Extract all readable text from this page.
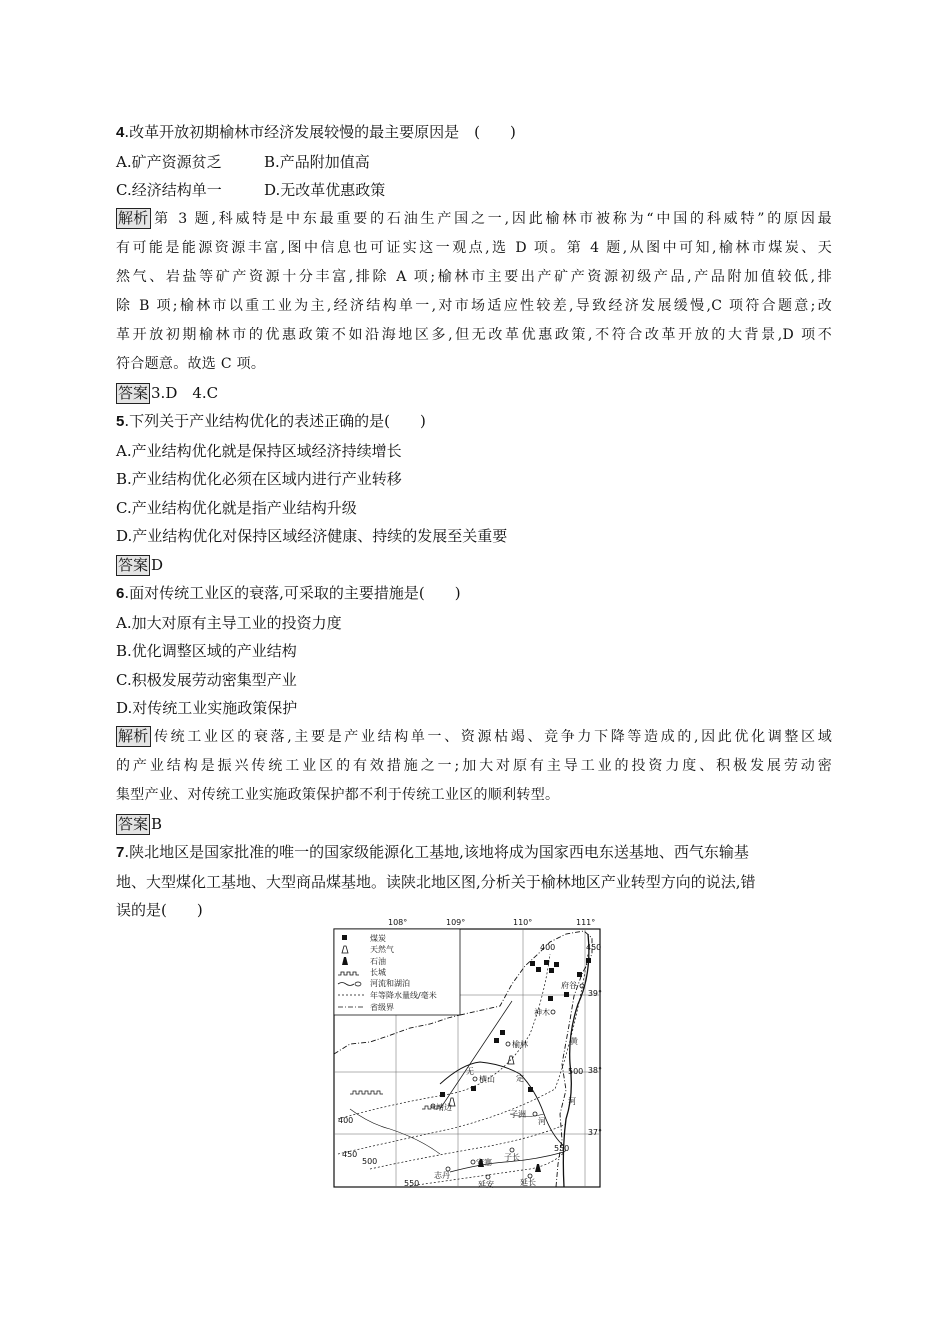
4.改革开放初期榆林市经济发展较慢的最主要原因是　(　　)
A.矿产资源贫乏	B.产品附加值高
C.经济结构单一	D.无改革优惠政策
解析 第 3 题,科威特是中东最重要的石油生产国之一,因此榆林市被称为“中国的科威特”的原因最
有可能是能源资源丰富,图中信息也可证实这一观点,选 D 项。第 4 题,从图中可知,榆林市煤炭、天
然气、岩盐等矿产资源十分丰富,排除 A 项;榆林市主要出产矿产资源初级产品,产品附加值较低,排
除 B 项;榆林市以重工业为主,经济结构单一,对市场适应性较差,导致经济发展缓慢,C 项符合题意;改
革开放初期榆林市的优惠政策不如沿海地区多,但无改革优惠政策,不符合改革开放的大背景,D 项不
符合题意。故选 C 项。
答案 3.D　4.C
5.下列关于产业结构优化的表述正确的是(　　)
A.产业结构优化就是保持区域经济持续增长
B.产业结构优化必须在区域内进行产业转移
C.产业结构优化就是指产业结构升级
D.产业结构优化对保持区域经济健康、持续的发展至关重要
答案 D
6.面对传统工业区的衰落,可采取的主要措施是(　　)
A.加大对原有主导工业的投资力度
B.优化调整区域的产业结构
C.积极发展劳动密集型产业
D.对传统工业实施政策保护
解析 传统工业区的衰落,主要是产业结构单一、资源枯竭、竞争力下降等造成的,因此优化调整区域
的产业结构是振兴传统工业区的有效措施之一;加大对原有主导工业的投资力度、积极发展劳动密
集型产业、对传统工业实施政策保护都不利于传统工业区的顺利转型。
答案 B
7.陕北地区是国家批准的唯一的国家级能源化工基地,该地将成为国家西电东送基地、西气东输基
地、大型煤化工基地、大型商品煤基地。读陕北地区图,分析关于榆林地区产业转型方向的说法,错
误的是(　　)
108°	109°	110°	111°
39°
38°
37°
煤炭
天然气
石油
长城
河流和湖泊
年等降水量线/毫米
省级界
400
450
400
500
450
500
550
550
榆林
神木
府谷
横山
靖边
子洲
子长
安塞
志丹
延安	延长
无
定
河
黄
河
